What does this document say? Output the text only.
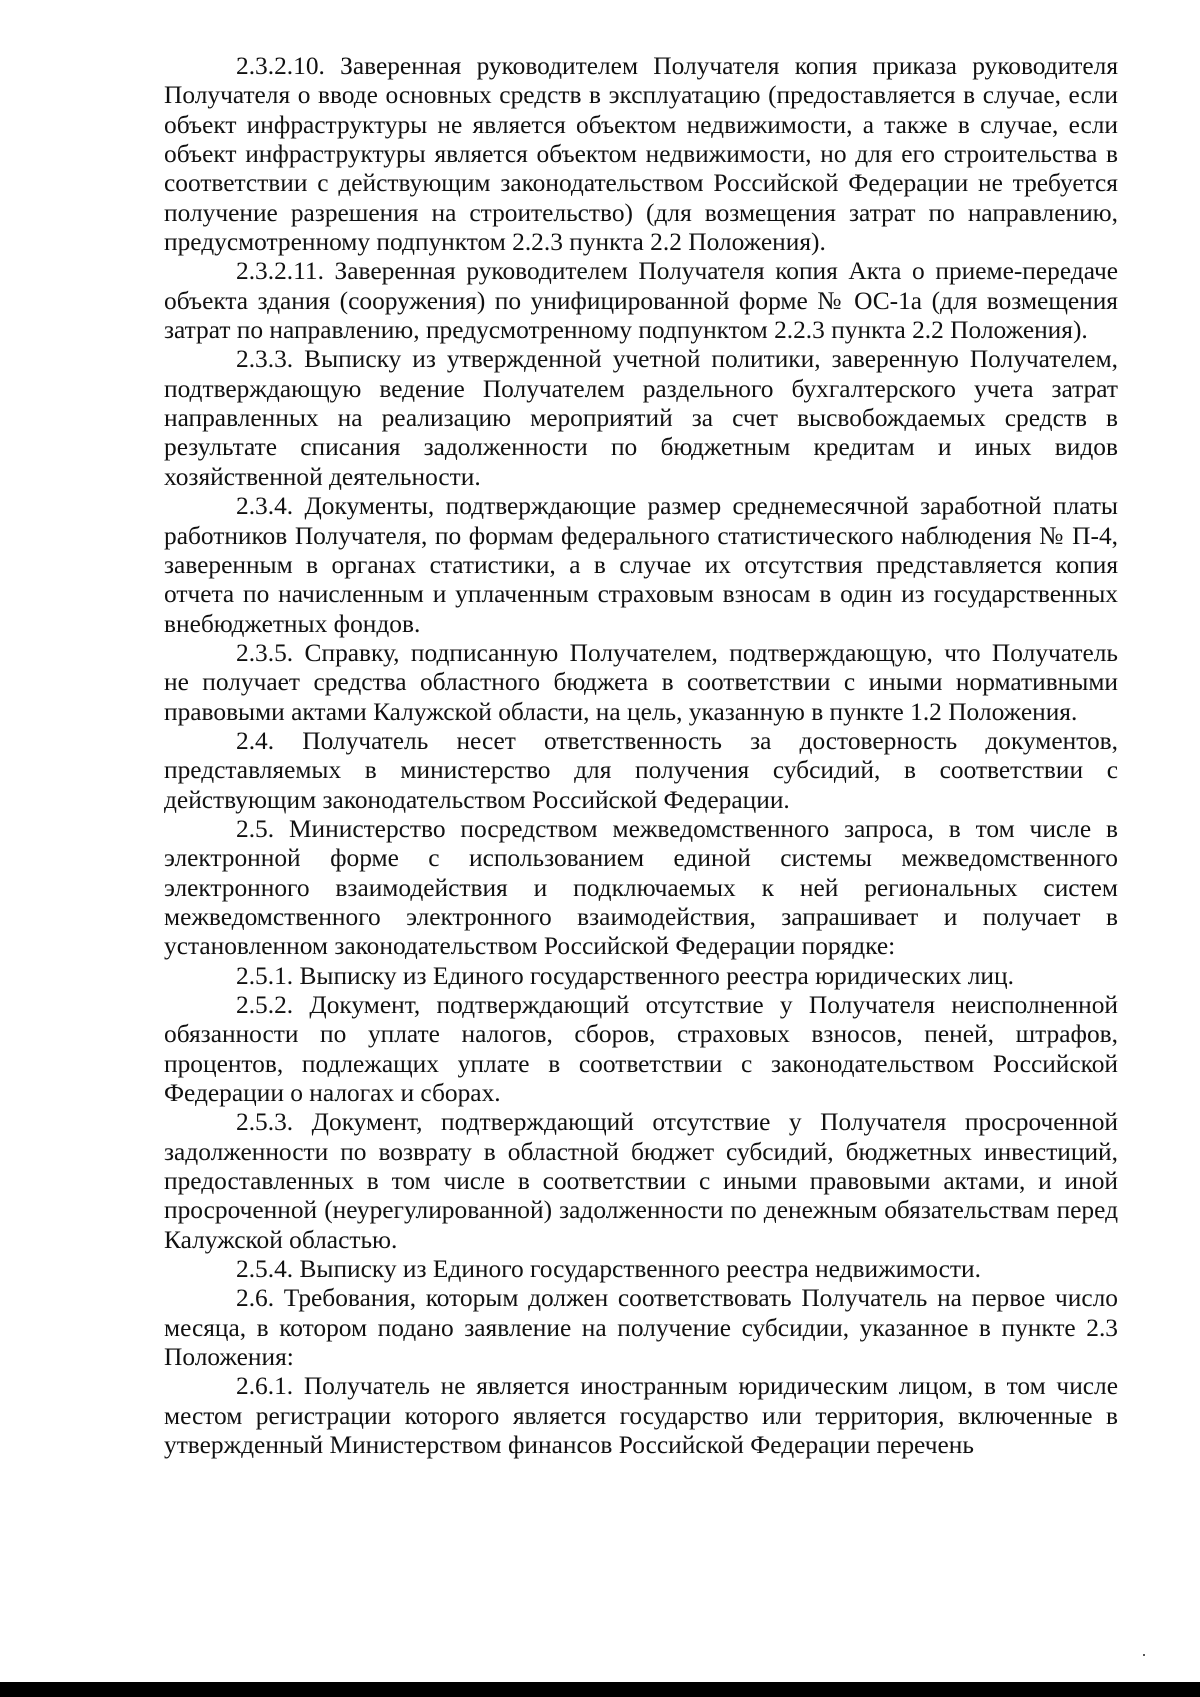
2.3.2.10. Заверенная руководителем Получателя копия приказа руководителя Получателя о вводе основных средств в эксплуатацию (предоставляется в случае, если объект инфраструктуры не является объектом недвижимости, а также в случае, если объект инфраструктуры является объектом недвижимости, но для его строительства в соответствии с действующим законодательством Российской Федерации не требуется получение разрешения на строительство) (для возмещения затрат по направлению, предусмотренному подпунктом 2.2.3 пункта 2.2 Положения).

2.3.2.11. Заверенная руководителем Получателя копия Акта о приеме-передаче объекта здания (сооружения) по унифицированной форме № ОС-1а (для возмещения затрат по направлению, предусмотренному подпунктом 2.2.3 пункта 2.2 Положения).

2.3.3. Выписку из утвержденной учетной политики, заверенную Получателем, подтверждающую ведение Получателем раздельного бухгалтерского учета затрат направленных на реализацию мероприятий за счет высвобождаемых средств в результате списания задолженности по бюджетным кредитам и иных видов хозяйственной деятельности.

2.3.4. Документы, подтверждающие размер среднемесячной заработной платы работников Получателя, по формам федерального статистического наблюдения № П-4, заверенным в органах статистики, а в случае их отсутствия представляется копия отчета по начисленным и уплаченным страховым взносам в один из государственных внебюджетных фондов.

2.3.5. Справку, подписанную Получателем, подтверждающую, что Получатель не получает средства областного бюджета в соответствии с иными нормативными правовыми актами Калужской области, на цель, указанную в пункте 1.2 Положения.

2.4. Получатель несет ответственность за достоверность документов, представляемых в министерство для получения субсидий, в соответствии с действующим законодательством Российской Федерации.

2.5. Министерство посредством межведомственного запроса, в том числе в электронной форме с использованием единой системы межведомственного электронного взаимодействия и подключаемых к ней региональных систем межведомственного электронного взаимодействия, запрашивает и получает в установленном законодательством Российской Федерации порядке:

2.5.1. Выписку из Единого государственного реестра юридических лиц.

2.5.2. Документ, подтверждающий отсутствие у Получателя неисполненной обязанности по уплате налогов, сборов, страховых взносов, пеней, штрафов, процентов, подлежащих уплате в соответствии с законодательством Российской Федерации о налогах и сборах.

2.5.3. Документ, подтверждающий отсутствие у Получателя просроченной задолженности по возврату в областной бюджет субсидий, бюджетных инвестиций, предоставленных в том числе в соответствии с иными правовыми актами, и иной просроченной (неурегулированной) задолженности по денежным обязательствам перед Калужской областью.

2.5.4. Выписку из Единого государственного реестра недвижимости.

2.6. Требования, которым должен соответствовать Получатель на первое число месяца, в котором подано заявление на получение субсидии, указанное в пункте 2.3 Положения:

2.6.1. Получатель не является иностранным юридическим лицом, в том числе местом регистрации которого является государство или территория, включенные в утвержденный Министерством финансов Российской Федерации перечень
